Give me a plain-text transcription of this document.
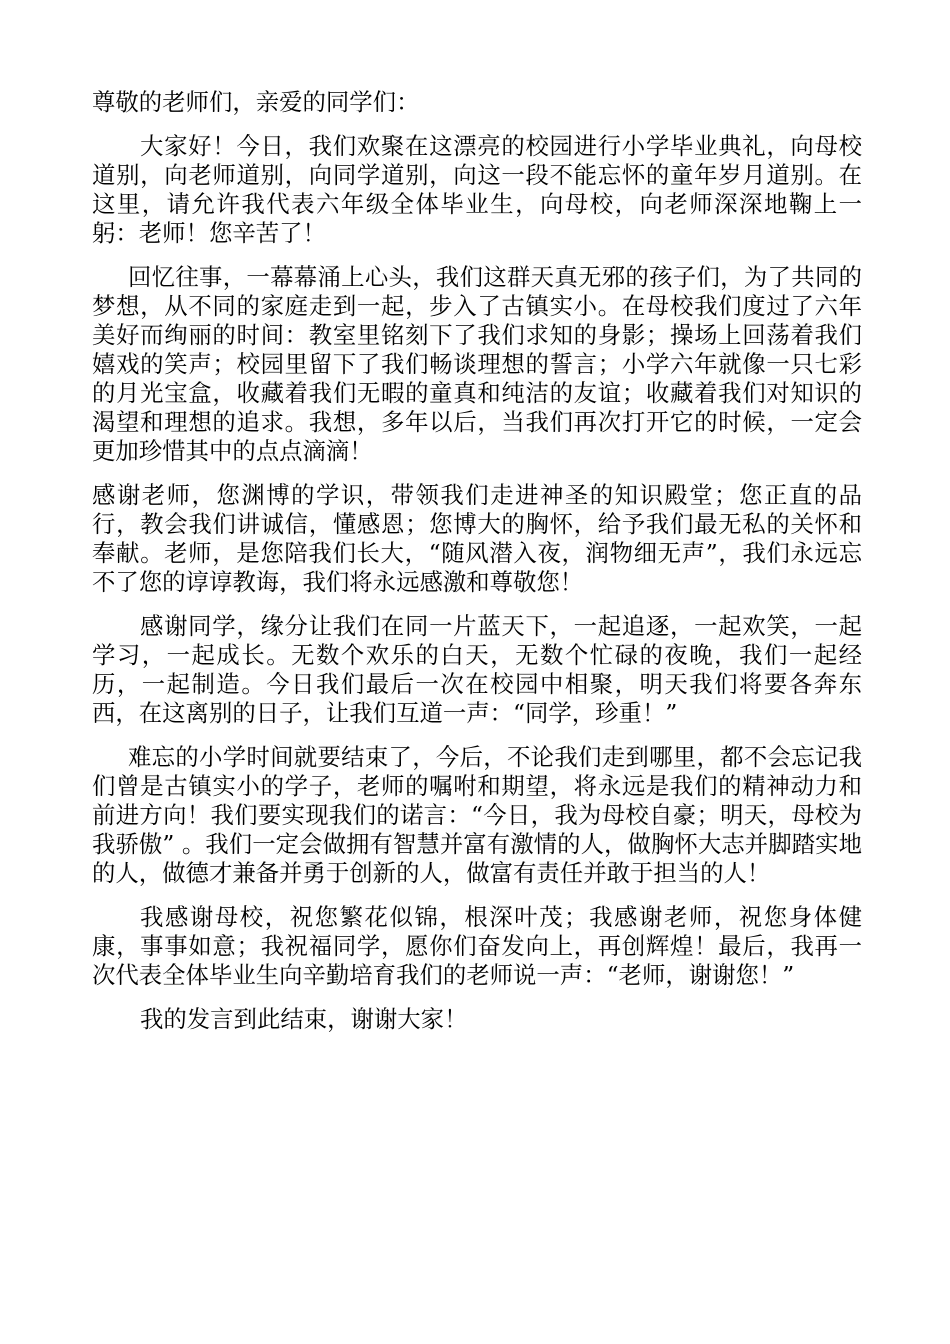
尊敬的老师们，亲爱的同学们：

大家好！今日，我们欢聚在这漂亮的校园进行小学毕业典礼，向母校道别，向老师道别，向同学道别，向这一段不能忘怀的童年岁月道别。在这里，请允许我代表六年级全体毕业生，向母校，向老师深深地鞠上一躬：老师！您辛苦了！

回忆往事，一幕幕涌上心头，我们这群天真无邪的孩子们，为了共同的梦想，从不同的家庭走到一起，步入了古镇实小。在母校我们度过了六年美好而绚丽的时间：教室里铭刻下了我们求知的身影；操场上回荡着我们嬉戏的笑声；校园里留下了我们畅谈理想的誓言；小学六年就像一只七彩的月光宝盒，收藏着我们无暇的童真和纯洁的友谊；收藏着我们对知识的渴望和理想的追求。我想，多年以后，当我们再次打开它的时候，一定会更加珍惜其中的点点滴滴！

感谢老师，您渊博的学识，带领我们走进神圣的知识殿堂；您正直的品行，教会我们讲诚信，懂感恩；您博大的胸怀，给予我们最无私的关怀和奉献。老师，是您陪我们长大，“随风潜入夜，润物细无声”，我们永远忘不了您的谆谆教诲，我们将永远感激和尊敬您！

感谢同学，缘分让我们在同一片蓝天下，一起追逐，一起欢笑，一起学习，一起成长。无数个欢乐的白天，无数个忙碌的夜晚，我们一起经历，一起制造。今日我们最后一次在校园中相聚，明天我们将要各奔东西，在这离别的日子，让我们互道一声：“同学，珍重！”

难忘的小学时间就要结束了，今后，不论我们走到哪里，都不会忘记我们曾是古镇实小的学子，老师的嘱咐和期望，将永远是我们的精神动力和前进方向！我们要实现我们的诺言：“今日，我为母校自豪；明天，母校为我骄傲” 。我们一定会做拥有智慧并富有激情的人，做胸怀大志并脚踏实地的人，做德才兼备并勇于创新的人，做富有责任并敢于担当的人！

我感谢母校，祝您繁花似锦，根深叶茂；我感谢老师，祝您身体健康，事事如意；我祝福同学，愿你们奋发向上，再创辉煌！最后，我再一次代表全体毕业生向辛勤培育我们的老师说一声：“老师，谢谢您！”

我的发言到此结束，谢谢大家！
